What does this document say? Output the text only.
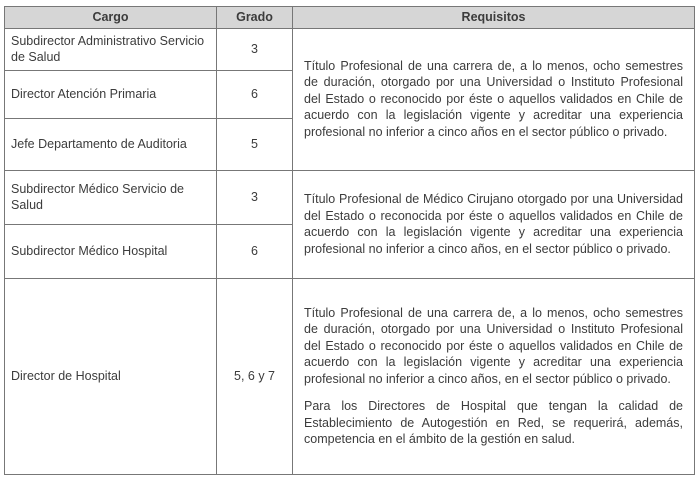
Cargo	Grado	Requisitos
Subdirector Administrativo Servicio de Salud	3	Título Profesional de una carrera de, a lo menos, ocho semestres de duración, otorgado por una Universidad o Instituto Profesional del Estado o reconocido por éste o aquellos validados en Chile de acuerdo con la legislación vigente y acreditar una experiencia profesional no inferior a cinco años en el sector público o privado.

Director Atención Primaria	6	
Jefe Departamento de Auditoria	5	
Subdirector Médico Servicio de Salud	3	Título Profesional de Médico Cirujano otorgado por una Universidad del Estado o reconocida por éste o aquellos validados en Chile de acuerdo con la legislación vigente y acreditar una experiencia profesional no inferior a cinco años, en el sector público o privado.

Subdirector Médico Hospital	6	
Director de Hospital	5, 6 y 7	Título Profesional de una carrera de, a lo menos, ocho semestres de duración, otorgado por una Universidad o Instituto Profesional del Estado o reconocido por éste o aquellos validados en Chile de acuerdo con la legislación vigente y acreditar una experiencia profesional no inferior a cinco años, en el sector público o privado.

Para los Directores de Hospital que tengan la calidad de Establecimiento de Autogestión en Red, se requerirá, además, competencia en el ámbito de la gestión en salud.
